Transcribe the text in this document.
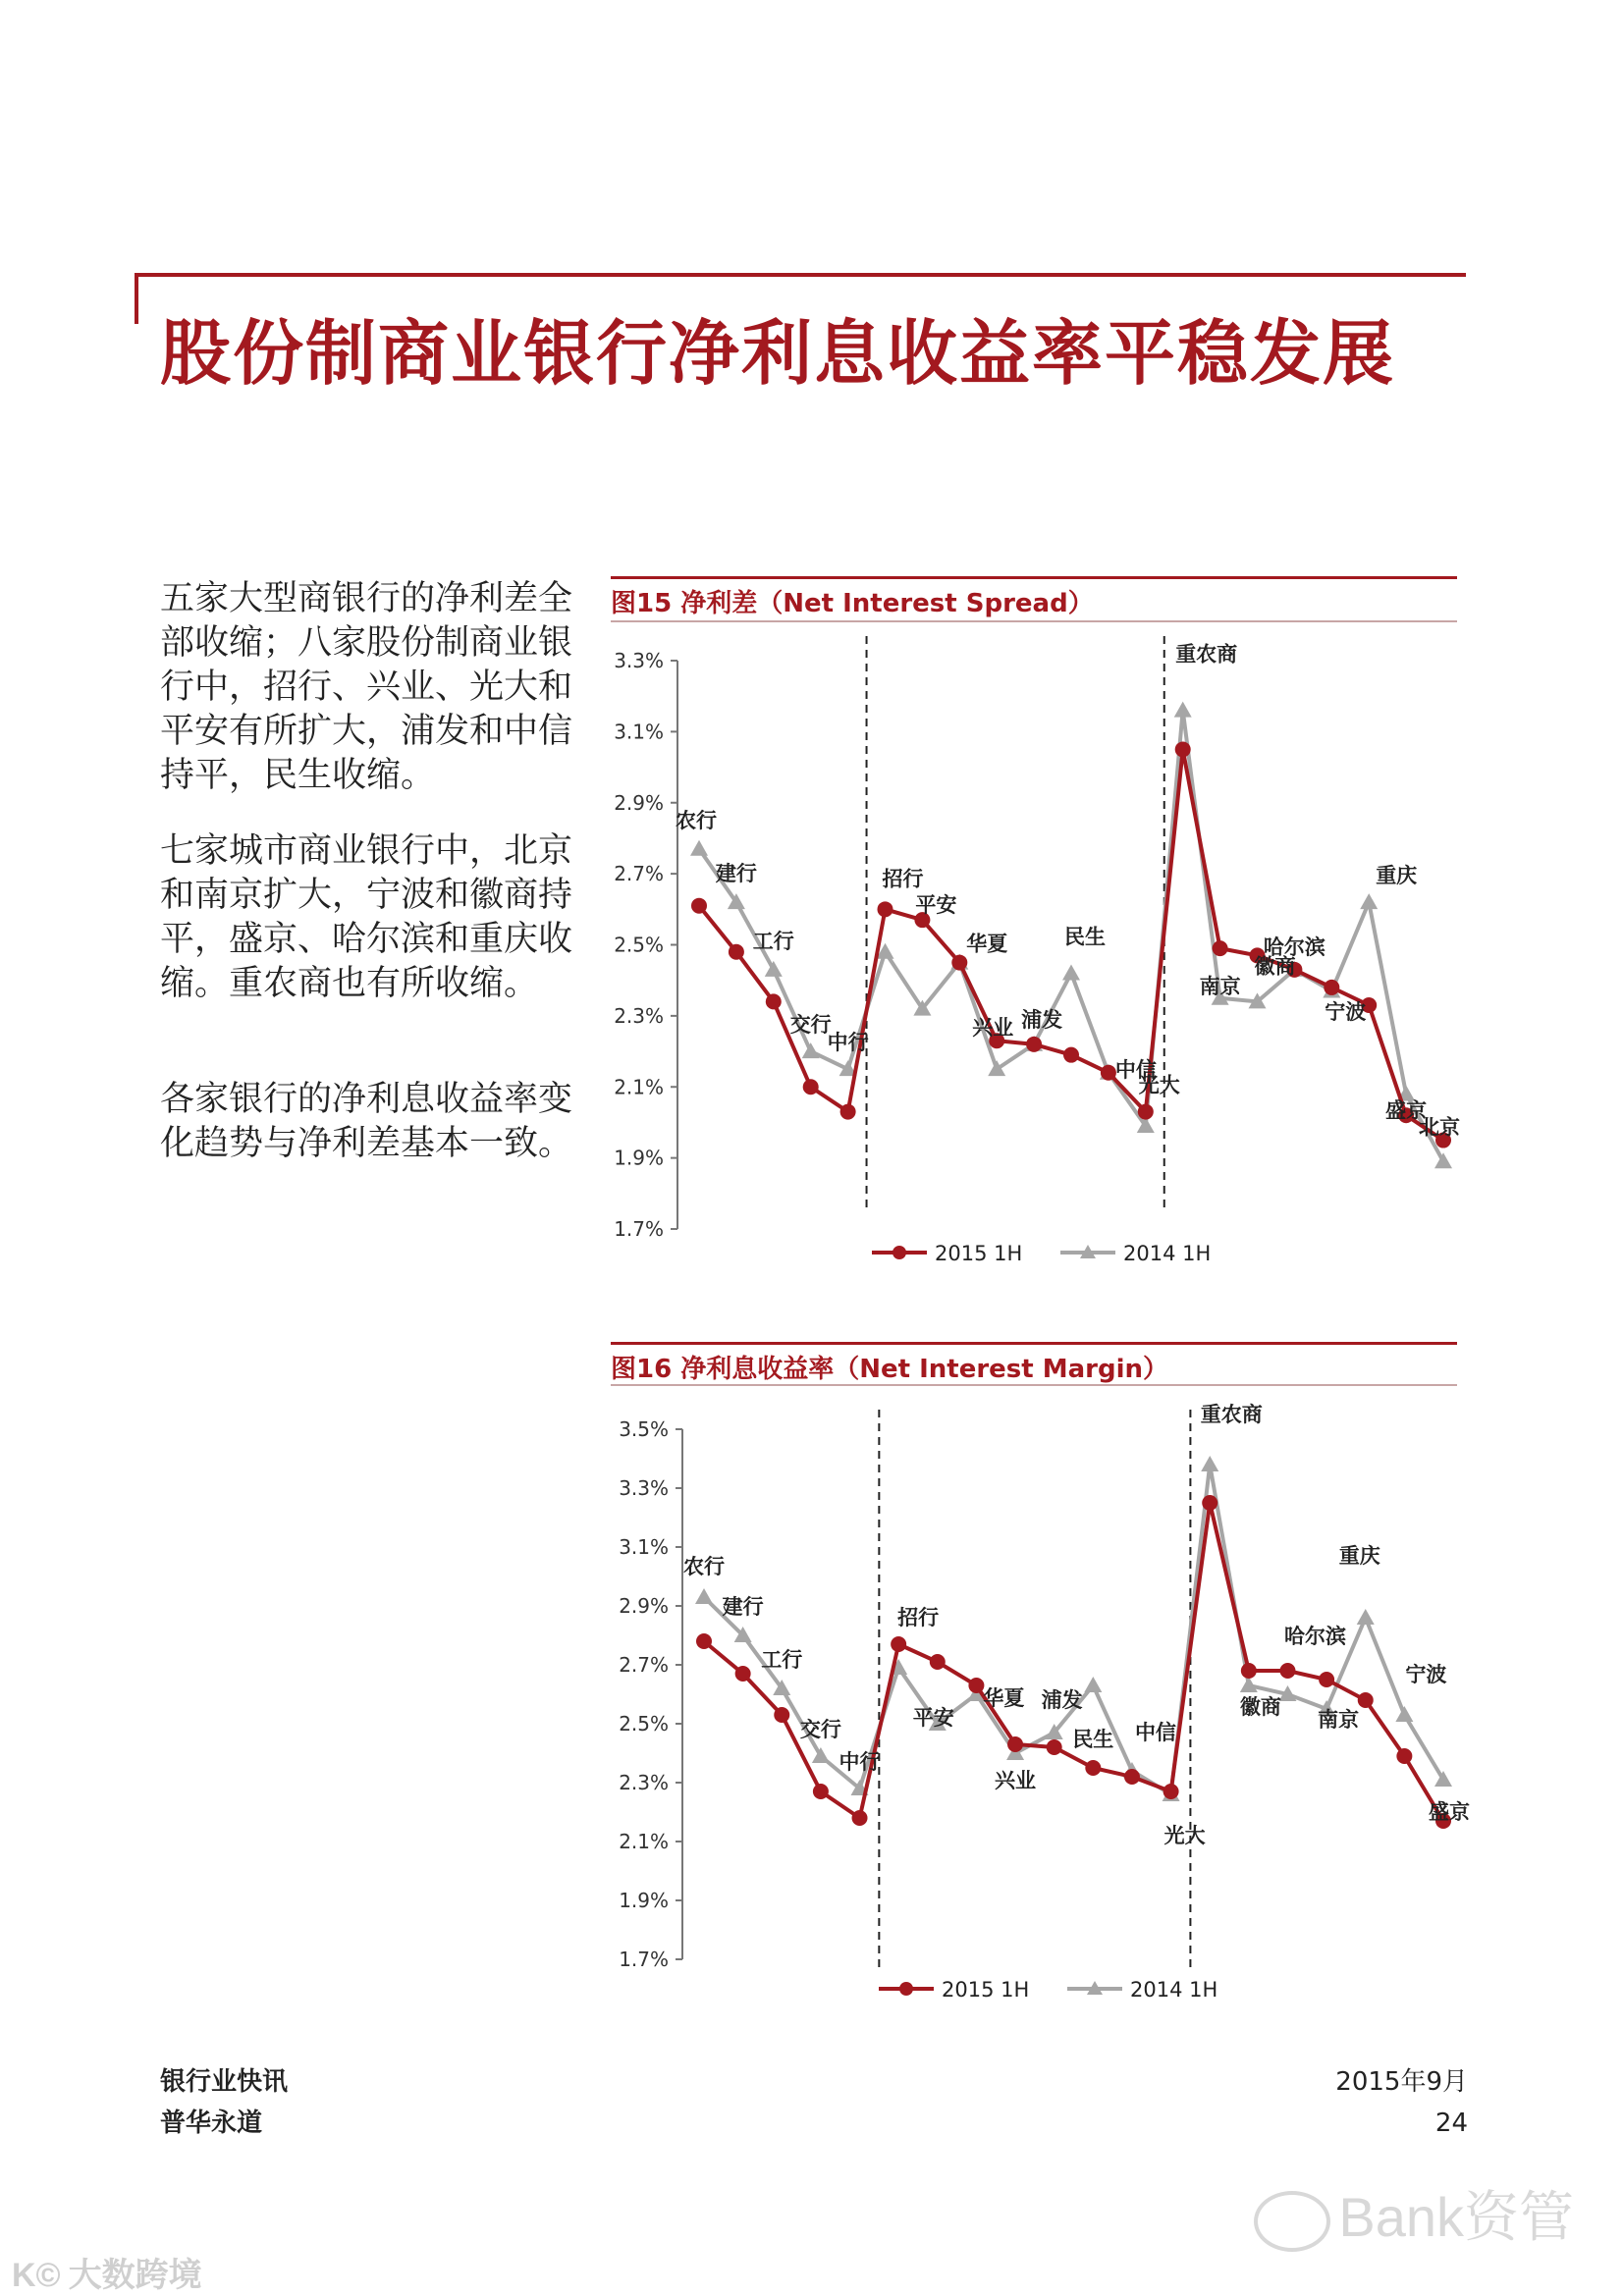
股份制商业银行净利息收益率平稳发展

五家大型商银行的净利差全部收缩；八家股份制商业银行中，招行、兴业、光大和平安有所扩大，浦发和中信持平，民生收缩。

七家城市商业银行中，北京和南京扩大，宁波和徽商持平，盛京、哈尔滨和重庆收缩。重农商也有所收缩。

各家银行的净利息收益率变化趋势与净利差基本一致。

图15 净利差（Net Interest Spread）
3.3%
3.1%
2.9%
2.7%
2.5%
2.3%
2.1%
1.9%
1.7%
农行
建行
工行
交行
中行
招行
平安
华夏
兴业 浦发
民生
中信
光大
重农商
南京
徽商
哈尔滨
宁波
重庆
盛京
北京
2015 1H	2014 1H
图16 净利息收益率（Net Interest Margin）
3.5%
3.3%
3.1%
2.9%
2.7%
2.5%
2.3%
2.1%
1.9%
1.7%
农行
建行
工行
交行
中行
招行
平安
华夏
兴业
浦发
民生 中信
光大
重农商
徽商
哈尔滨
南京
重庆
宁波
盛京
2015 1H	2014 1H
银行业快讯
普华永道
2015年9月
24
Bank资管
K© 大数跨境
